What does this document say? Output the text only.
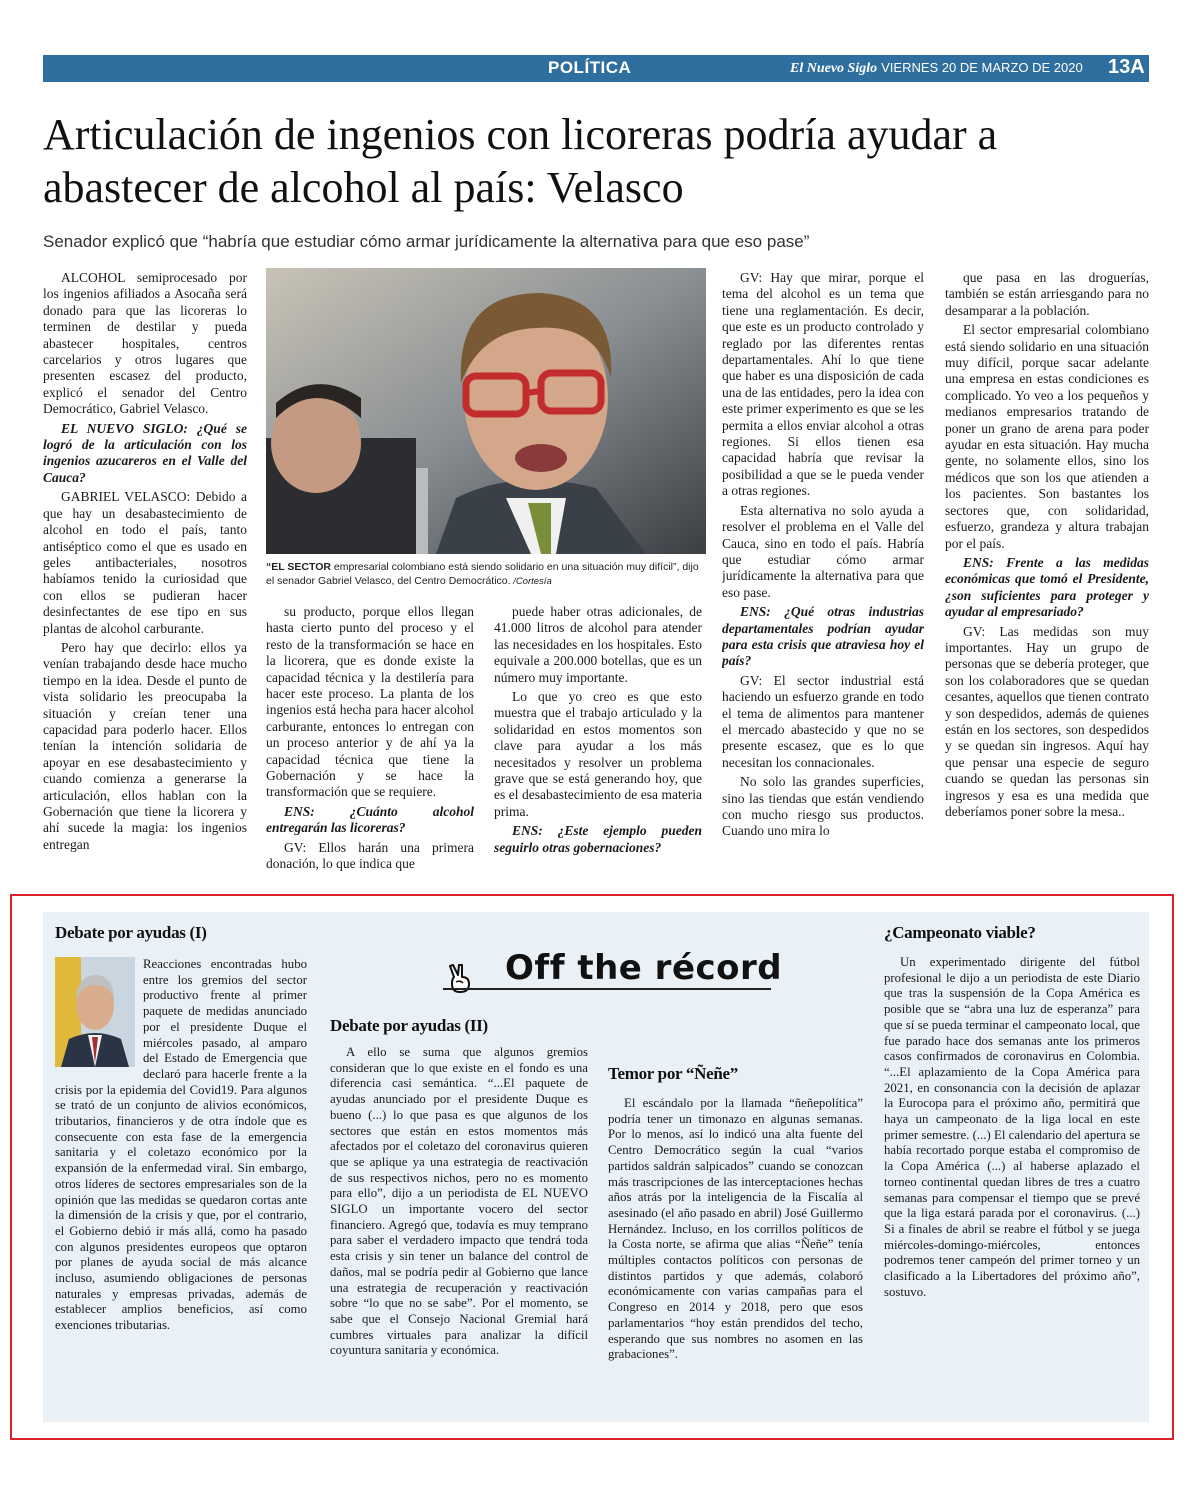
POLÍTICA	El Nuevo Siglo VIERNES 20 DE MARZO DE 2020 13A
Articulación de ingenios con licoreras podría ayudar a abastecer de alcohol al país: Velasco
Senador explicó que “habría que estudiar cómo armar jurídicamente la alternativa para que eso pase”

ALCOHOL semiprocesado por los ingenios afiliados a Asocaña será donado para que las licoreras lo terminen de destilar y pueda abastecer hospitales, centros carcelarios y otros lugares que presenten escasez del producto, explicó el senador del Centro Democrático, Gabriel Velasco.

EL NUEVO SIGLO: ¿Qué se logró de la articulación con los ingenios azucareros en el Valle del Cauca?

GABRIEL VELASCO: Debido a que hay un desabastecimiento de alcohol en todo el país, tanto antiséptico como el que es usado en geles antibacteriales, nosotros habíamos tenido la curiosidad que con ellos se pudieran hacer desinfectantes de ese tipo en sus plantas de alcohol carburante.

Pero hay que decirlo: ellos ya venían trabajando desde hace mucho tiempo en la idea. Desde el punto de vista solidario les preocupaba la situación y creían tener una capacidad para poderlo hacer. Ellos tenían la intención solidaria de apoyar en ese desabastecimiento y cuando comienza a generarse la articulación, ellos hablan con la Gobernación que tiene la licorera y ahí sucede la magia: los ingenios entregan

“EL SECTOR empresarial colombiano está siendo solidario en una situación muy difícil”, dijo el senador Gabriel Velasco, del Centro Democrático. /Cortesía

su producto, porque ellos llegan hasta cierto punto del proceso y el resto de la transformación se hace en la licorera, que es donde existe la capacidad técnica y la destilería para hacer este proceso. La planta de los ingenios está hecha para hacer alcohol carburante, entonces lo entregan con un proceso anterior y de ahí ya la capacidad técnica que tiene la Gobernación y se hace la transformación que se requiere.

ENS: ¿Cuánto alcohol entregarán las licoreras?

GV: Ellos harán una primera donación, lo que indica que

puede haber otras adicionales, de 41.000 litros de alcohol para atender las necesidades en los hospitales. Esto equivale a 200.000 botellas, que es un número muy importante.

Lo que yo creo es que esto muestra que el trabajo articulado y la solidaridad en estos momentos son clave para ayudar a los más necesitados y resolver un problema grave que se está generando hoy, que es el desabastecimiento de esa materia prima.

ENS: ¿Este ejemplo pueden seguirlo otras gobernaciones?

GV: Hay que mirar, porque el tema del alcohol es un tema que tiene una reglamentación. Es decir, que este es un producto controlado y reglado por las diferentes rentas departamentales. Ahí lo que tiene que haber es una disposición de cada una de las entidades, pero la idea con este primer experimento es que se les permita a ellos enviar alcohol a otras regiones. Si ellos tienen esa capacidad habría que revisar la posibilidad a que se le pueda vender a otras regiones.

Esta alternativa no solo ayuda a resolver el problema en el Valle del Cauca, sino en todo el país. Habría que estudiar cómo armar jurídicamente la alternativa para que eso pase.

ENS: ¿Qué otras industrias departamentales podrían ayudar para esta crisis que atraviesa hoy el país?

GV: El sector industrial está haciendo un esfuerzo grande en todo el tema de alimentos para mantener el mercado abastecido y que no se presente escasez, que es lo que necesitan los connacionales.

No solo las grandes superficies, sino las tiendas que están vendiendo con mucho riesgo sus productos. Cuando uno mira lo

que pasa en las droguerías, también se están arriesgando para no desamparar a la población.

El sector empresarial colombiano está siendo solidario en una situación muy difícil, porque sacar adelante una empresa en estas condiciones es complicado. Yo veo a los pequeños y medianos empresarios tratando de poner un grano de arena para poder ayudar en esta situación. Hay mucha gente, no solamente ellos, sino los médicos que son los que atienden a los pacientes. Son bastantes los sectores que, con solidaridad, esfuerzo, grandeza y altura trabajan por el país.

ENS: Frente a las medidas económicas que tomó el Presidente, ¿son suficientes para proteger y ayudar al empresariado?

GV: Las medidas son muy importantes. Hay un grupo de personas que se debería proteger, que son los colaboradores que se quedan cesantes, aquellos que tienen contrato y son despedidos, además de quienes están en los sectores, son despedidos y se quedan sin ingresos. Aquí hay que pensar una especie de seguro cuando se quedan las personas sin ingresos y esa es una medida que deberíamos poner sobre la mesa..

Debate por ayudas (I)

Reacciones encontradas hubo entre los gremios del sector productivo frente al primer paquete de medidas anunciado por el presidente Duque el miércoles pasado, al amparo del Estado de Emergencia que declaró para hacerle frente a la crisis por la epidemia del Covid19. Para algunos se trató de un conjunto de alivios económicos, tributarios, financieros y de otra índole que es consecuente con esta fase de la emergencia sanitaria y el coletazo económico por la expansión de la enfermedad viral. Sin embargo, otros líderes de sectores empresariales son de la opinión que las medidas se quedaron cortas ante la dimensión de la crisis y que, por el contrario, el Gobierno debió ir más allá, como ha pasado con algunos presidentes europeos que optaron por planes de ayuda social de más alcance incluso, asumiendo obligaciones de personas naturales y empresas privadas, además de establecer amplios beneficios, así como exenciones tributarias.

Off the récord
Debate por ayudas (II)

A ello se suma que algunos gremios consideran que lo que existe en el fondo es una diferencia casi semántica. “...El paquete de ayudas anunciado por el presidente Duque es bueno (...) lo que pasa es que algunos de los sectores que están en estos momentos más afectados por el coletazo del coronavirus quieren que se aplique ya una estrategia de reactivación de sus respectivos nichos, pero no es momento para ello”, dijo a un periodista de EL NUEVO SIGLO un importante vocero del sector financiero. Agregó que, todavía es muy temprano para saber el verdadero impacto que tendrá toda esta crisis y sin tener un balance del control de daños, mal se podría pedir al Gobierno que lance una estrategia de recuperación y reactivación sobre “lo que no se sabe”. Por el momento, se sabe que el Consejo Nacional Gremial hará cumbres virtuales para analizar la difícil coyuntura sanitaria y económica.

Temor por “Ñeñe”

El escándalo por la llamada “ñeñepolítica” podría tener un timonazo en algunas semanas. Por lo menos, así lo indicó una alta fuente del Centro Democrático según la cual “varios partidos saldrán salpicados” cuando se conozcan más trascripciones de las interceptaciones hechas años atrás por la inteligencia de la Fiscalía al asesinado (el año pasado en abril) José Guillermo Hernández. Incluso, en los corrillos políticos de la Costa norte, se afirma que alias “Ñeñe” tenía múltiples contactos políticos con personas de distintos partidos y que además, colaboró económicamente con varias campañas para el Congreso en 2014 y 2018, pero que esos parlamentarios “hoy están prendidos del techo, esperando que sus nombres no asomen en las grabaciones”.

¿Campeonato viable?

Un experimentado dirigente del fútbol profesional le dijo a un periodista de este Diario que tras la suspensión de la Copa América es posible que se “abra una luz de esperanza” para que sí se pueda terminar el campeonato local, que fue parado hace dos semanas ante los primeros casos confirmados de coronavirus en Colombia. “...El aplazamiento de la Copa América para 2021, en consonancia con la decisión de aplazar la Eurocopa para el próximo año, permitirá que haya un campeonato de la liga local en este primer semestre. (...) El calendario del apertura se había recortado porque estaba el compromiso de la Copa América (...) al haberse aplazado el torneo continental quedan libres de tres a cuatro semanas para compensar el tiempo que se prevé que la liga estará parada por el coronavirus. (...) Si a finales de abril se reabre el fútbol y se juega miércoles-domingo-miércoles, entonces podremos tener campeón del primer torneo y un clasificado a la Libertadores del próximo año”, sostuvo.
